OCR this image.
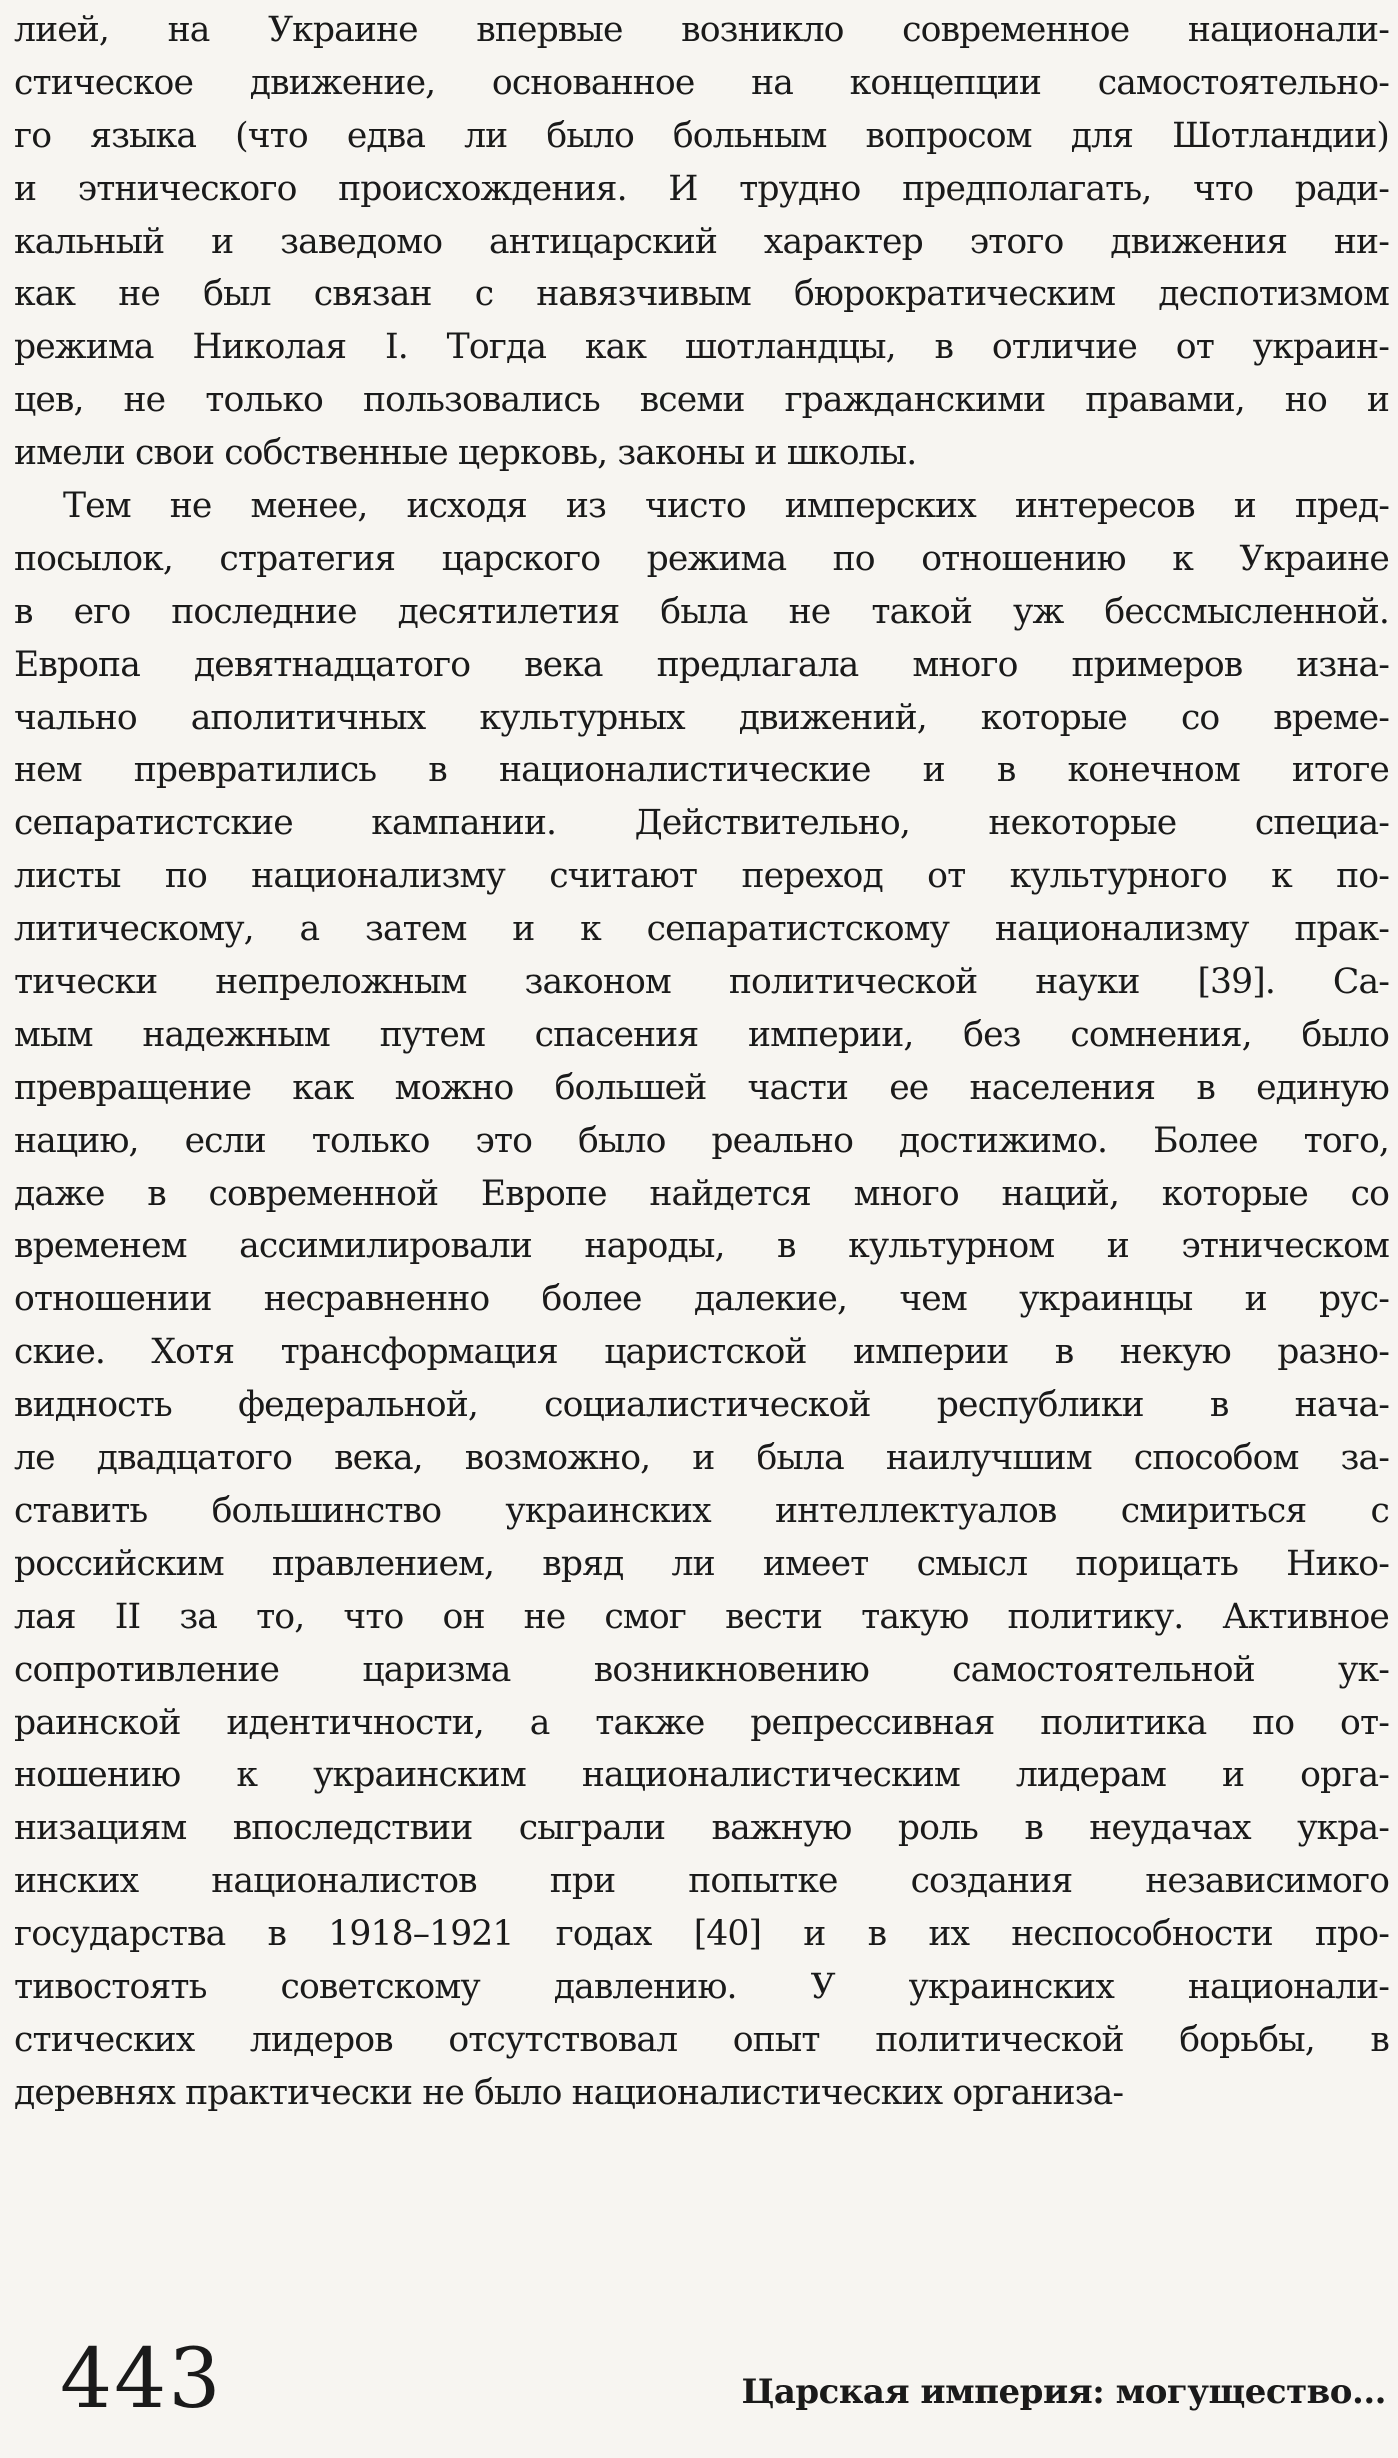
лией, на Украине впервые возникло современное национали-
стическое движение, основанное на концепции самостоятельно-
го языка (что едва ли было больным вопросом для Шотландии)
и этнического происхождения. И трудно предполагать, что ради-
кальный и заведомо антицарский характер этого движения ни-
как не был связан с навязчивым бюрократическим деспотизмом
режима Николая I. Тогда как шотландцы, в отличие от украин-
цев, не только пользовались всеми гражданскими правами, но и
имели свои собственные церковь, законы и школы.
Тем не менее, исходя из чисто имперских интересов и пред-
посылок, стратегия царского режима по отношению к Украине
в его последние десятилетия была не такой уж бессмысленной.
Европа девятнадцатого века предлагала много примеров изна-
чально аполитичных культурных движений, которые со време-
нем превратились в националистические и в конечном итоге
сепаратистские кампании. Действительно, некоторые специа-
листы по национализму считают переход от культурного к по-
литическому, а затем и к сепаратистскому национализму прак-
тически непреложным законом политической науки [39]. Са-
мым надежным путем спасения империи, без сомнения, было
превращение как можно большей части ее населения в единую
нацию, если только это было реально достижимо. Более того,
даже в современной Европе найдется много наций, которые со
временем ассимилировали народы, в культурном и этническом
отношении несравненно более далекие, чем украинцы и рус-
ские. Хотя трансформация царистской империи в некую разно-
видность федеральной, социалистической республики в нача-
ле двадцатого века, возможно, и была наилучшим способом за-
ставить большинство украинских интеллектуалов смириться с
российским правлением, вряд ли имеет смысл порицать Нико-
лая II за то, что он не смог вести такую политику. Активное
сопротивление царизма возникновению самостоятельной ук-
раинской идентичности, а также репрессивная политика по от-
ношению к украинским националистическим лидерам и орга-
низациям впоследствии сыграли важную роль в неудачах укра-
инских националистов при попытке создания независимого
государства в 1918–1921 годах [40] и в их неспособности про-
тивостоять советскому давлению. У украинских национали-
стических лидеров отсутствовал опыт политической борьбы, в
деревнях практически не было националистических организа-
443	Царская империя: могущество...
